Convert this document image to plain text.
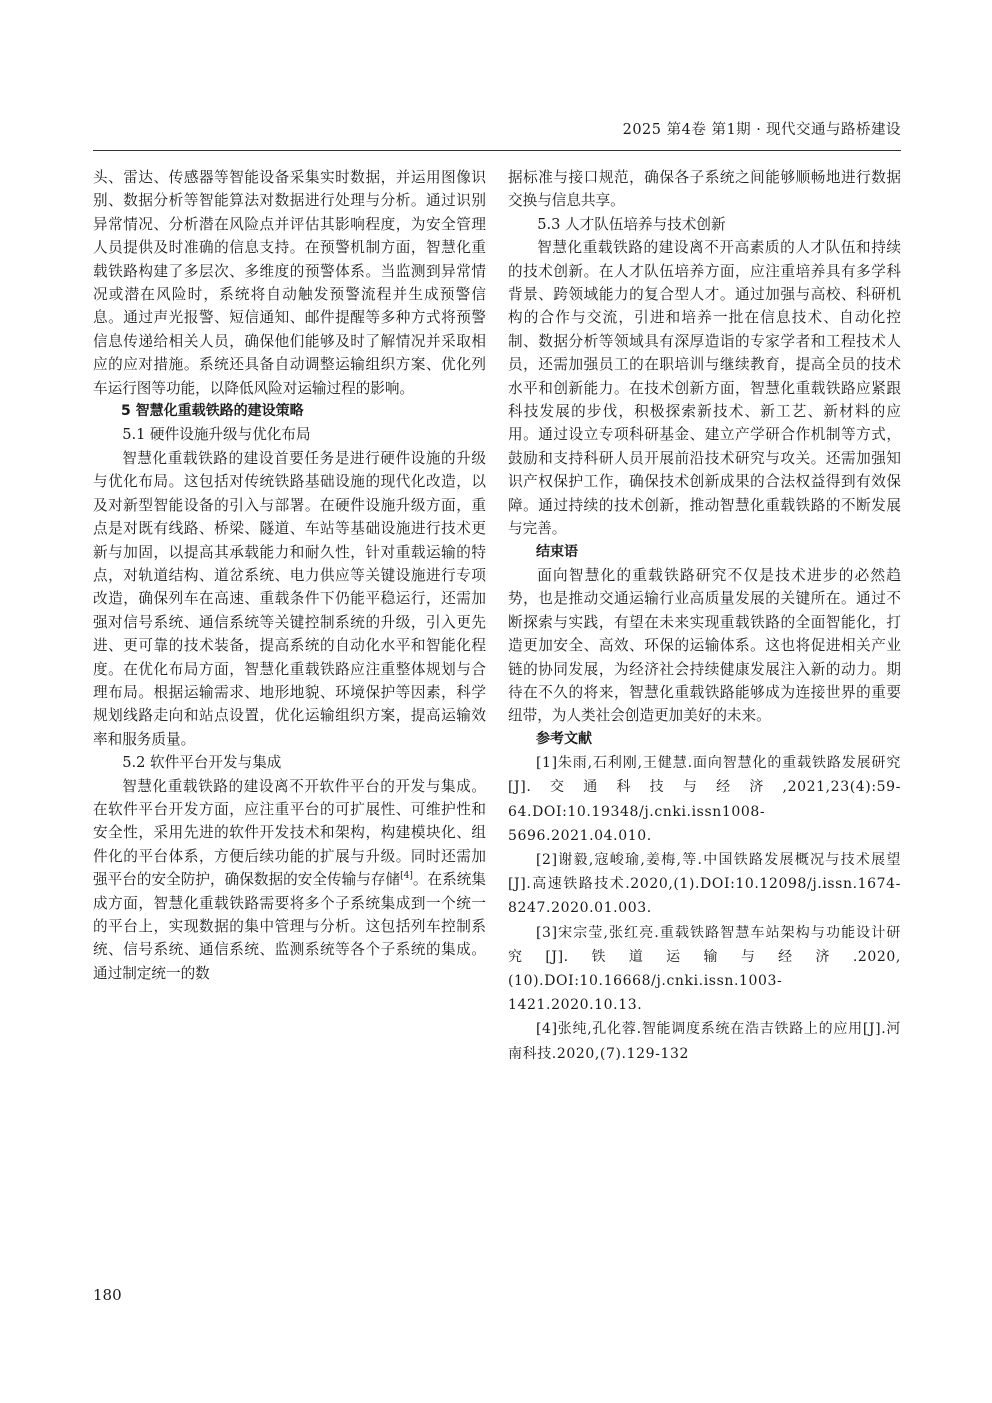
2025 第4卷 第1期 · 现代交通与路桥建设

头、雷达、传感器等智能设备采集实时数据，并运用图像识别、数据分析等智能算法对数据进行处理与分析。通过识别异常情况、分析潜在风险点并评估其影响程度，为安全管理人员提供及时准确的信息支持。在预警机制方面，智慧化重载铁路构建了多层次、多维度的预警体系。当监测到异常情况或潜在风险时，系统将自动触发预警流程并生成预警信息。通过声光报警、短信通知、邮件提醒等多种方式将预警信息传递给相关人员，确保他们能够及时了解情况并采取相应的应对措施。系统还具备自动调整运输组织方案、优化列车运行图等功能，以降低风险对运输过程的影响。

5 智慧化重载铁路的建设策略
5.1 硬件设施升级与优化布局

智慧化重载铁路的建设首要任务是进行硬件设施的升级与优化布局。这包括对传统铁路基础设施的现代化改造，以及对新型智能设备的引入与部署。在硬件设施升级方面，重点是对既有线路、桥梁、隧道、车站等基础设施进行技术更新与加固，以提高其承载能力和耐久性，针对重载运输的特点，对轨道结构、道岔系统、电力供应等关键设施进行专项改造，确保列车在高速、重载条件下仍能平稳运行，还需加强对信号系统、通信系统等关键控制系统的升级，引入更先进、更可靠的技术装备，提高系统的自动化水平和智能化程度。在优化布局方面，智慧化重载铁路应注重整体规划与合理布局。根据运输需求、地形地貌、环境保护等因素，科学规划线路走向和站点设置，优化运输组织方案，提高运输效率和服务质量。

5.2 软件平台开发与集成

智慧化重载铁路的建设离不开软件平台的开发与集成。在软件平台开发方面，应注重平台的可扩展性、可维护性和安全性，采用先进的软件开发技术和架构，构建模块化、组件化的平台体系，方便后续功能的扩展与升级。同时还需加强平台的安全防护，确保数据的安全传输与存储[4]。在系统集成方面，智慧化重载铁路需要将多个子系统集成到一个统一的平台上，实现数据的集中管理与分析。这包括列车控制系统、信号系统、通信系统、监测系统等各个子系统的集成。通过制定统一的数

据标准与接口规范，确保各子系统之间能够顺畅地进行数据交换与信息共享。

5.3 人才队伍培养与技术创新

智慧化重载铁路的建设离不开高素质的人才队伍和持续的技术创新。在人才队伍培养方面，应注重培养具有多学科背景、跨领域能力的复合型人才。通过加强与高校、科研机构的合作与交流，引进和培养一批在信息技术、自动化控制、数据分析等领域具有深厚造诣的专家学者和工程技术人员，还需加强员工的在职培训与继续教育，提高全员的技术水平和创新能力。在技术创新方面，智慧化重载铁路应紧跟科技发展的步伐，积极探索新技术、新工艺、新材料的应用。通过设立专项科研基金、建立产学研合作机制等方式，鼓励和支持科研人员开展前沿技术研究与攻关。还需加强知识产权保护工作，确保技术创新成果的合法权益得到有效保障。通过持续的技术创新，推动智慧化重载铁路的不断发展与完善。

结束语

面向智慧化的重载铁路研究不仅是技术进步的必然趋势，也是推动交通运输行业高质量发展的关键所在。通过不断探索与实践，有望在未来实现重载铁路的全面智能化，打造更加安全、高效、环保的运输体系。这也将促进相关产业链的协同发展，为经济社会持续健康发展注入新的动力。期待在不久的将来，智慧化重载铁路能够成为连接世界的重要纽带，为人类社会创造更加美好的未来。

参考文献

[1]朱雨,石利刚,王健慧.面向智慧化的重载铁路发展研究[J].交通科技与经济,2021,23(4):59-64.DOI:10.19348/j.cnki.issn1008-5696.2021.04.010.

[2]谢毅,寇峻瑜,姜梅,等.中国铁路发展概况与技术展望[J].高速铁路技术.2020,(1).DOI:10.12098/j.issn.1674-8247.2020.01.003.

[3]宋宗莹,张红亮.重载铁路智慧车站架构与功能设计研究[J].铁道运输与经济.2020,(10).DOI:10.16668/j.cnki.issn.1003-1421.2020.10.13.

[4]张纯,孔化蓉.智能调度系统在浩吉铁路上的应用[J].河南科技.2020,(7).129-132

180
